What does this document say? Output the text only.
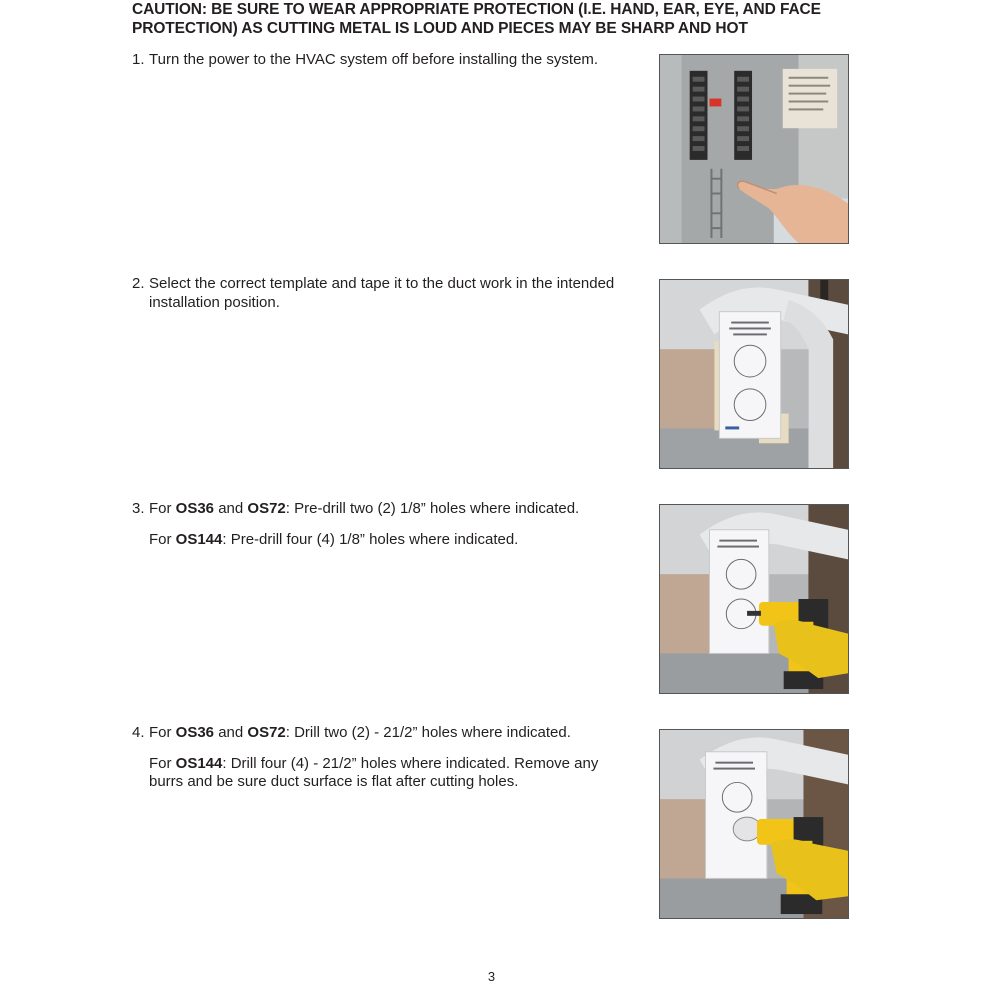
CAUTION: BE SURE TO WEAR APPROPRIATE PROTECTION (I.E. HAND, EAR, EYE, AND FACE
PROTECTION) AS CUTTING METAL IS LOUD AND PIECES MAY BE SHARP AND HOT

1. Turn the power to the HVAC system off before installing the system.

2. Select the correct template and tape it to the duct work in the intended
installation position.

3. For OS36 and OS72: Pre-drill two (2) 1/8” holes where indicated.

For OS144: Pre-drill four (4) 1/8” holes where indicated.

4. For OS36 and OS72: Drill two (2) - 21/2” holes where indicated.

For OS144: Drill four (4) - 21/2” holes where indicated. Remove any
burrs and be sure duct surface is flat after cutting holes.

3
